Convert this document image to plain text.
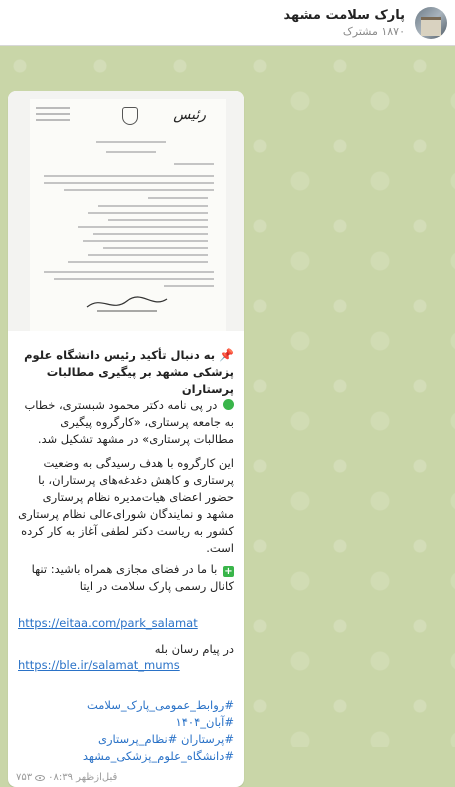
پارک سلامت مشهد
۱۸۷۰ مشترک
رئیس
📌 به دنبال تأکید رئیس دانشگاه علوم پزشکی مشهد بر پیگیری مطالبات پرستاران
در پی نامه دکتر محمود شبستری، خطاب به جامعه پرستاری، «کارگروه پیگیری مطالبات پرستاری» در مشهد تشکیل شد.
این کارگروه با هدف رسیدگی به وضعیت پرستاری و کاهش دغدغه‌های پرستاران، با حضور اعضای هیات‌مدیره نظام پرستاری مشهد و نمایندگان شورای‌عالی نظام پرستاری کشور به ریاست دکتر لطفی آغاز به کار کرده است.
+ با ما در فضای مجازی همراه باشید: تنها کانال رسمی پارک سلامت در ایتا
https://eitaa.com/park_salamat
در پیام رسان بله
https://ble.ir/salamat_mums
#روابط_عمومی_پارک_سلامت
#آبان_۱۴۰۴
#پرستاران #نظام_پرستاری
#دانشگاه_علوم_پزشکی_مشهد
۷۵۳ ۰۸:۳۹ قبل‌ازظهر
